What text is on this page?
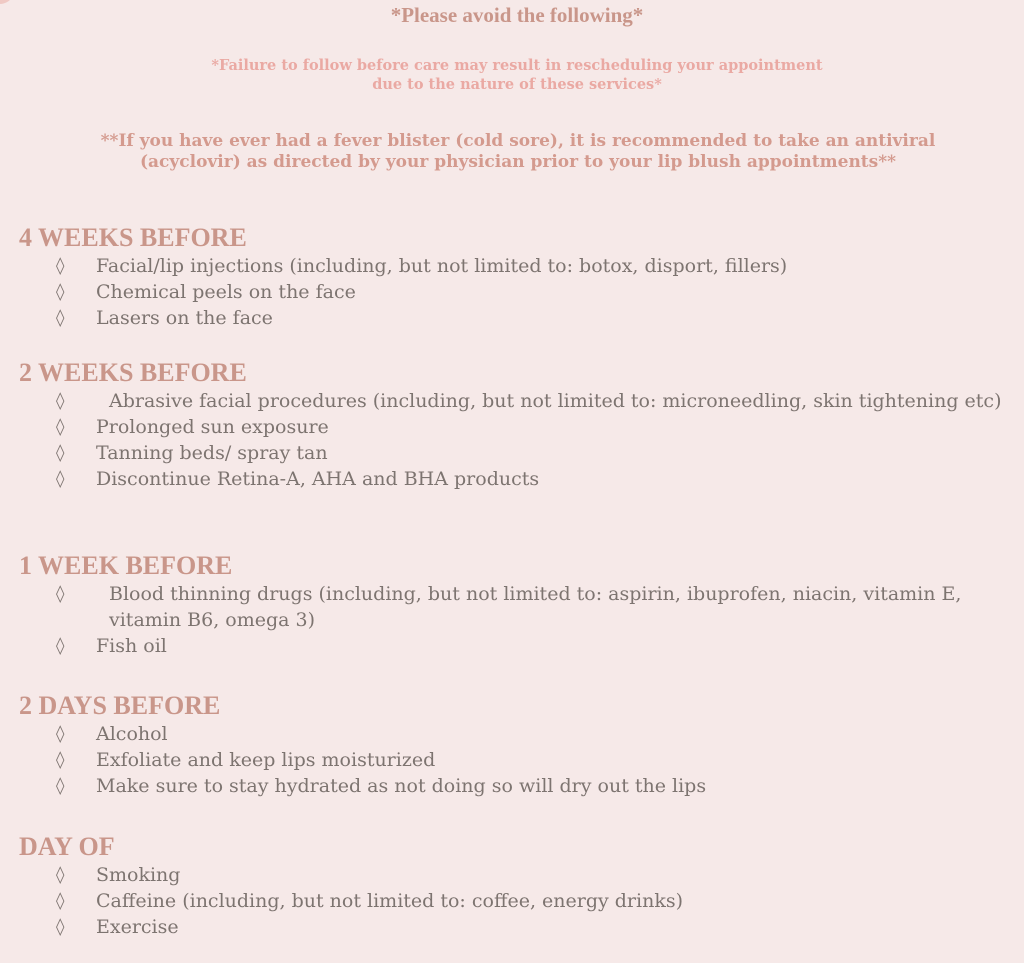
*Please avoid the following*
*Failure to follow before care may result in rescheduling your appointment
due to the nature of these services*
**If you have ever had a fever blister (cold sore), it is recommended to take an antiviral
(acyclovir) as directed by your physician prior to your lip blush appointments**
4 WEEKS BEFORE
◊ Facial/lip injections (including, but not limited to: botox, disport, fillers)
◊ Chemical peels on the face
◊ Lasers on the face
2 WEEKS BEFORE
◊ Abrasive facial procedures (including, but not limited to: microneedling, skin tightening etc)
◊ Prolonged sun exposure
◊ Tanning beds/ spray tan
◊ Discontinue Retina-A, AHA and BHA products
1 WEEK BEFORE
◊ Blood thinning drugs (including, but not limited to: aspirin, ibuprofen, niacin, vitamin E, vitamin B6, omega 3)
◊ Fish oil
2 DAYS BEFORE
◊ Alcohol
◊ Exfoliate and keep lips moisturized
◊ Make sure to stay hydrated as not doing so will dry out the lips
DAY OF
◊ Smoking
◊ Caffeine (including, but not limited to: coffee, energy drinks)
◊ Exercise
